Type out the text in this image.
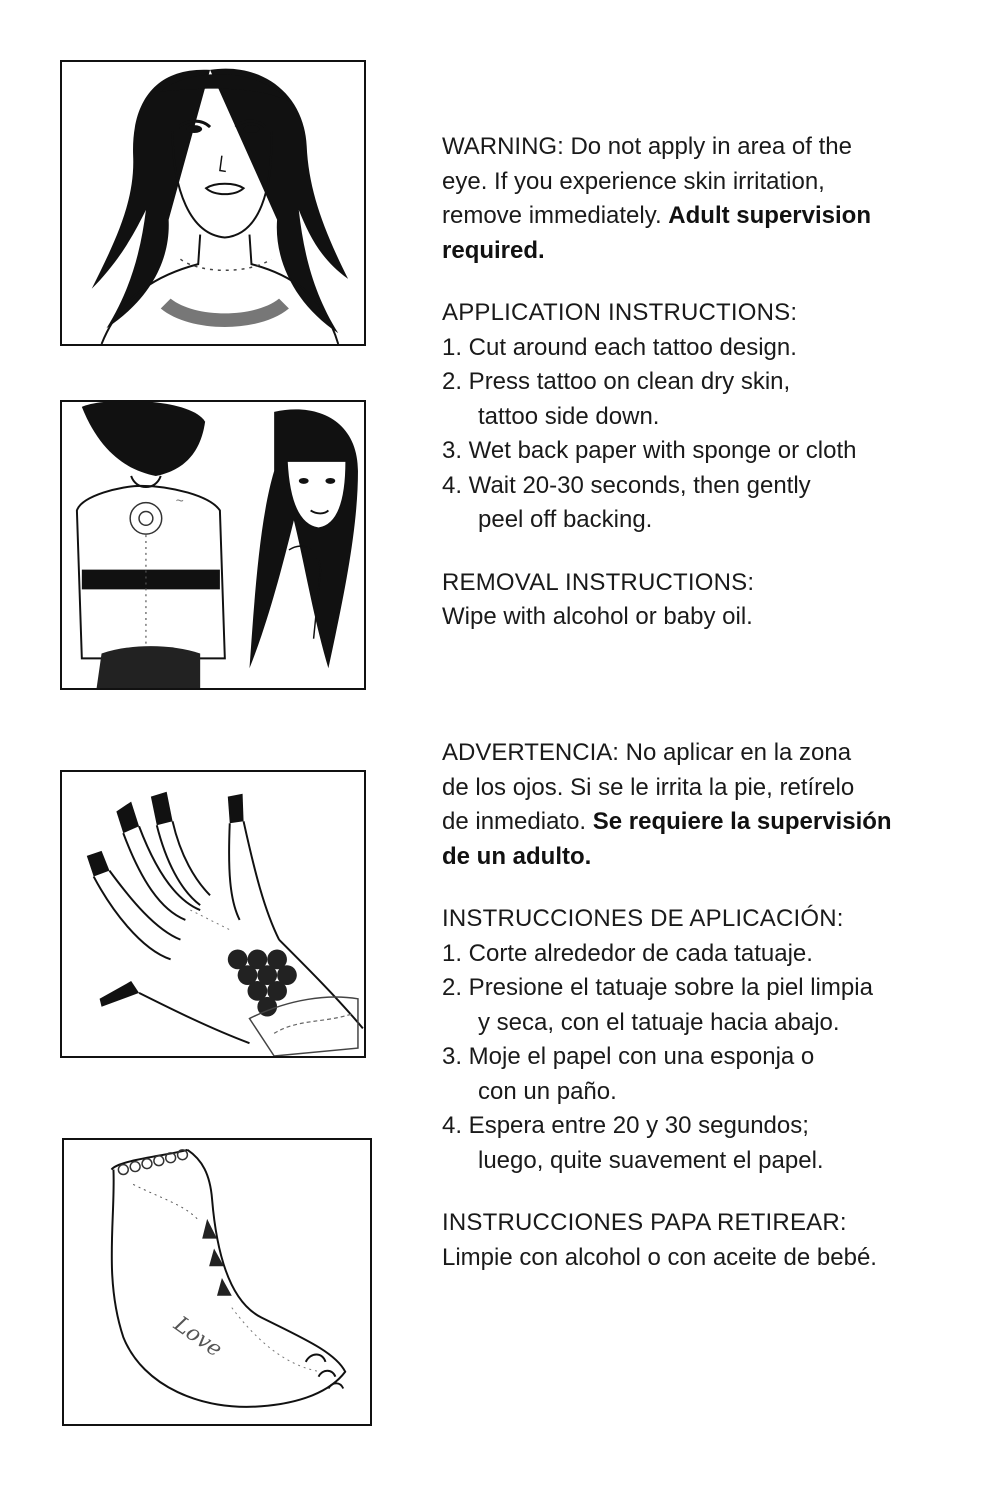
~
Love

WARNING: Do not apply in area of the

eye. If you experience skin irritation,

remove immediately. Adult supervision

required.

APPLICATION INSTRUCTIONS:

1. Cut around each tattoo design.

2. Press tattoo on clean dry skin,

tattoo side down.

3. Wet back paper with sponge or cloth

4. Wait 20-30 seconds, then gently

peel off backing.

REMOVAL INSTRUCTIONS:

Wipe with alcohol or baby oil.

ADVERTENCIA: No aplicar en la zona

de los ojos. Si se le irrita la pie, retírelo

de inmediato. Se requiere la supervisión

de un adulto.

INSTRUCCIONES DE APLICACIÓN:

1. Corte alrededor de cada tatuaje.

2. Presione el tatuaje sobre la piel limpia

y seca, con el tatuaje hacia abajo.

3. Moje el papel con una esponja o

con un paño.

4. Espera entre 20 y 30 segundos;

luego, quite suavement el papel.

INSTRUCCIONES PAPA RETIREAR:

Limpie con alcohol o con aceite de bebé.
